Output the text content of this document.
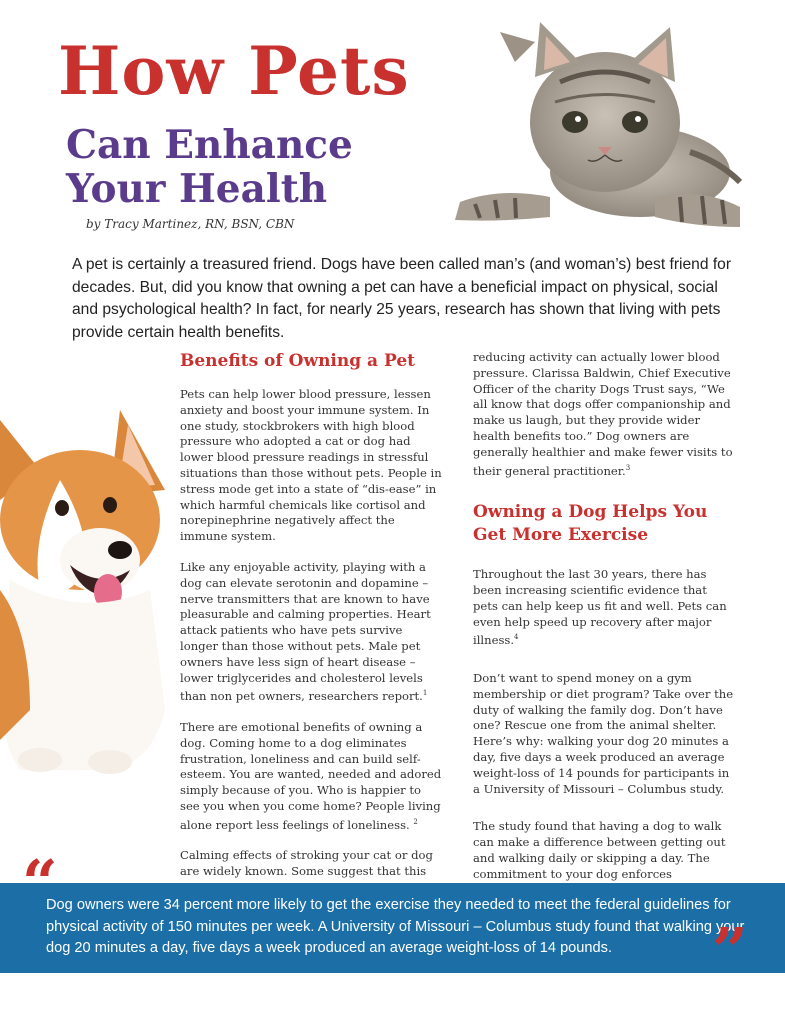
How Pets
Can Enhance
Your Health

by Tracy Martinez, RN, BSN, CBN

A pet is certainly a treasured friend. Dogs have been called man’s (and woman’s) best friend for decades. But, did you know that owning a pet can have a beneficial impact on physical, social and psychological health? In fact, for nearly 25 years, research has shown that living with pets provide certain health benefits.

Benefits of Owning a Pet

Pets can help lower blood pressure, lessen anxiety and boost your immune system. In one study, stockbrokers with high blood pressure who adopted a cat or dog had lower blood pressure readings in stressful situations than those without pets. People in stress mode get into a state of “dis-ease” in which harmful chemicals like cortisol and norepinephrine negatively affect the immune system.

Like any enjoyable activity, playing with a dog can elevate serotonin and dopamine – nerve transmitters that are known to have pleasurable and calming properties. Heart attack patients who have pets survive longer than those without pets. Male pet owners have less sign of heart disease – lower triglycerides and cholesterol levels than non pet owners, researchers report.$^1$

There are emotional benefits of owning a dog. Coming home to a dog eliminates frustration, loneliness and can build self-esteem. You are wanted, needed and adored simply because of you. Who is happier to see you when you come home? People living alone report less feelings of loneliness. $^2$

Calming effects of stroking your cat or dog are widely known. Some suggest that this

reducing activity can actually lower blood pressure. Clarissa Baldwin, Chief Executive Officer of the charity Dogs Trust says, “We all know that dogs offer companionship and make us laugh, but they provide wider health benefits too.” Dog owners are generally healthier and make fewer visits to their general practitioner.$^3$

Owning a Dog Helps You Get More Exercise

Throughout the last 30 years, there has been increasing scientific evidence that pets can help keep us fit and well. Pets can even help speed up recovery after major illness.$^4$

Don’t want to spend money on a gym membership or diet program? Take over the duty of walking the family dog. Don’t have one? Rescue one from the animal shelter. Here’s why: walking your dog 20 minutes a day, five days a week produced an average weight-loss of 14 pounds for participants in a University of Missouri – Columbus study.

The study found that having a dog to walk can make a difference between getting out and walking daily or skipping a day. The commitment to your dog enforces

“

Dog owners were 34 percent more likely to get the exercise they needed to meet the federal guidelines for physical activity of 150 minutes per week. A University of Missouri – Columbus study found that walking your dog 20 minutes a day, five days a week produced an average weight-loss of 14 pounds.	”
